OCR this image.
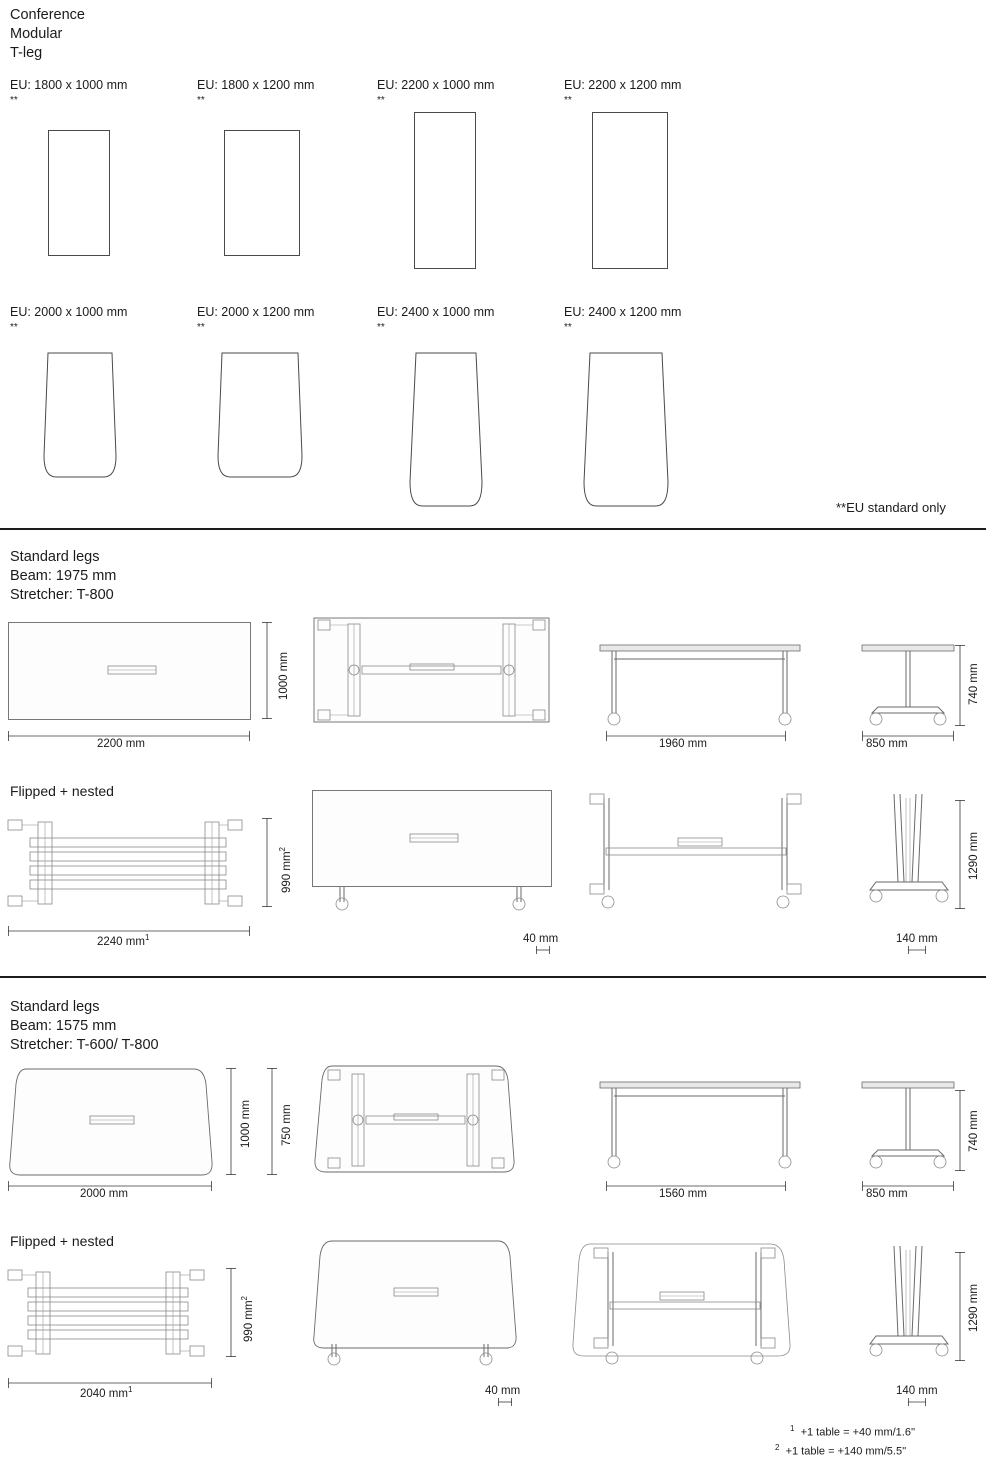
Conference
Modular
T-leg
EU: 1800 x 1000 mm
**
EU: 1800 x 1200 mm
**
EU: 2200 x 1000 mm
**
EU: 2200 x 1200 mm
**
EU: 2000 x 1000 mm
**
EU: 2000 x 1200 mm
**
EU: 2400 x 1000 mm
**
EU: 2400 x 1200 mm
**
**EU standard only
Standard legs
Beam: 1975 mm
Stretcher: T-800
1000 mm
2200 mm	1960 mm	850 mm
740 mm
Flipped + nested
990 $mm^2$
2240 $mm^1$	40 mm	140 mm
1290 mm
Standard legs
Beam: 1575 mm
Stretcher: T-600/ T-800
1000 mm	750 mm
2000 mm	1560 mm	850 mm
740 mm
Flipped + nested
990 $mm^2$
2040 $mm^1$	40 mm	140 mm
1290 mm
$^1$ +1 table = +40 mm/1.6''
$^2$ +1 table = +140 mm/5.5''
